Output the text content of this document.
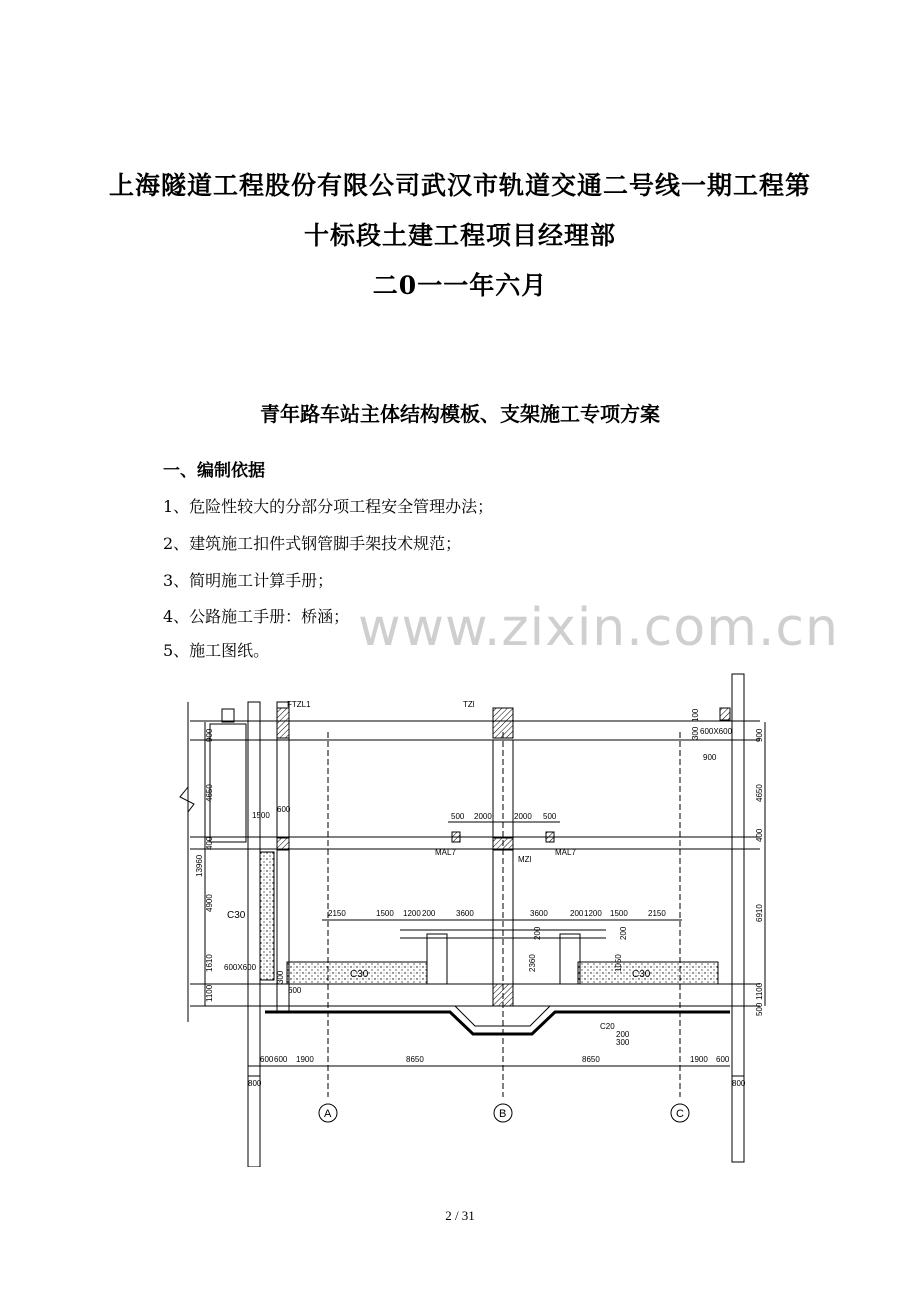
上海隧道工程股份有限公司武汉市轨道交通二号线一期工程第
十标段土建工程项目经理部
二0一一年六月
青年路车站主体结构模板、支架施工专项方案
一、编制依据
1、危险性较大的分部分项工程安全管理办法；
2、建筑施工扣件式钢管脚手架技术规范；
3、简明施工计算手册；
4、公路施工手册：桥涵；
5、施工图纸。 www.zixin.com.cn
FTZL1	TZl
MAL7
MZl
MAL7
C30
C30	C30
C20
A	B	C
500 2000	2000 500
2150	1500 1200 200	3600	3600	200 1200 1500	2150
600 600 1900	8650	8650	1900 600
800	800
1500
600
600X600
600
600X600
900
200
300
900
4650
400
4900
1610
1100
13960
900
4650
400
6910
1100
500
2360
200	200
1050
300
300
100
2 / 31
